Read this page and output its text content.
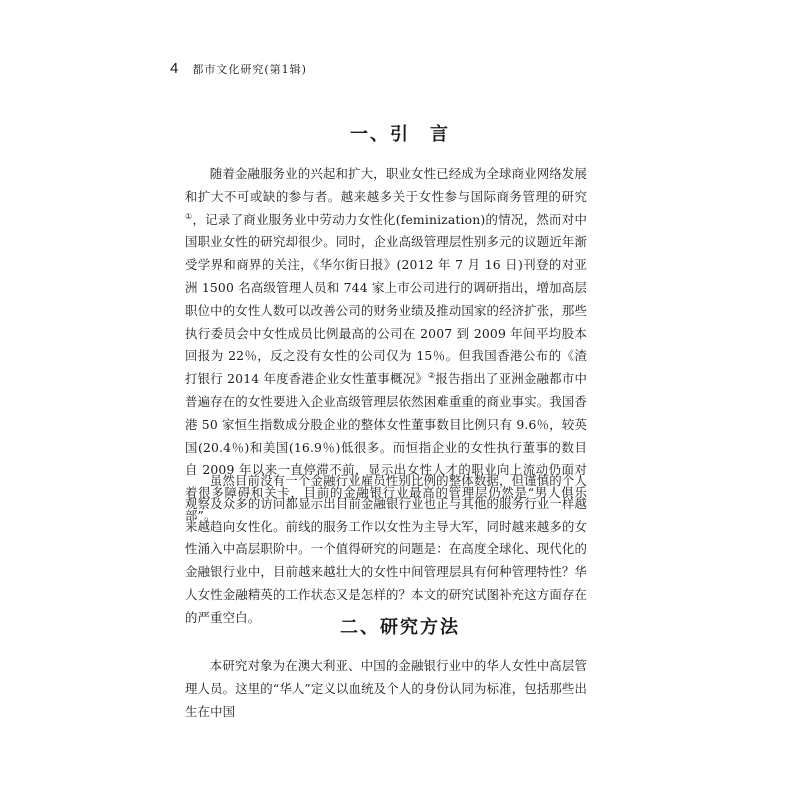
4 都市文化研究(第1辑)
一、引　言

随着金融服务业的兴起和扩大，职业女性已经成为全球商业网络发展和扩大不可或缺的参与者。越来越多关于女性参与国际商务管理的研究①，记录了商业服务业中劳动力女性化(feminization)的情况，然而对中国职业女性的研究却很少。同时，企业高级管理层性别多元的议题近年渐受学界和商界的关注，《华尔街日报》(2012 年 7 月 16 日)刊登的对亚洲 1500 名高级管理人员和 744 家上市公司进行的调研指出，增加高层职位中的女性人数可以改善公司的财务业绩及推动国家的经济扩张，那些执行委员会中女性成员比例最高的公司在 2007 到 2009 年间平均股本回报为 22％，反之没有女性的公司仅为 15％。但我国香港公布的《渣打银行 2014 年度香港企业女性董事概况》②报告指出了亚洲金融都市中普遍存在的女性要进入企业高级管理层依然困难重重的商业事实。我国香港 50 家恒生指数成分股企业的整体女性董事数目比例只有 9.6％，较英国(20.4％)和美国(16.9％)低很多。而恒指企业的女性执行董事的数目自 2009 年以来一直停滞不前，显示出女性人才的职业向上流动仍面对着很多障碍和关卡，目前的金融银行业最高的管理层仍然是“男人俱乐部”。

虽然目前没有一个金融行业雇员性别比例的整体数据，但谨慎的个人观察及众多的访问都显示出目前金融银行业也正与其他的服务行业一样越来越趋向女性化。前线的服务工作以女性为主导大军，同时越来越多的女性涌入中高层职阶中。一个值得研究的问题是：在高度全球化、现代化的金融银行业中，目前越来越壮大的女性中间管理层具有何种管理特性？华人女性金融精英的工作状态又是怎样的？本文的研究试图补充这方面存在的严重空白。	二、研究方法

本研究对象为在澳大利亚、中国的金融银行业中的华人女性中高层管理人员。这里的“华人”定义以血统及个人的身份认同为标准，包括那些出生在中国
